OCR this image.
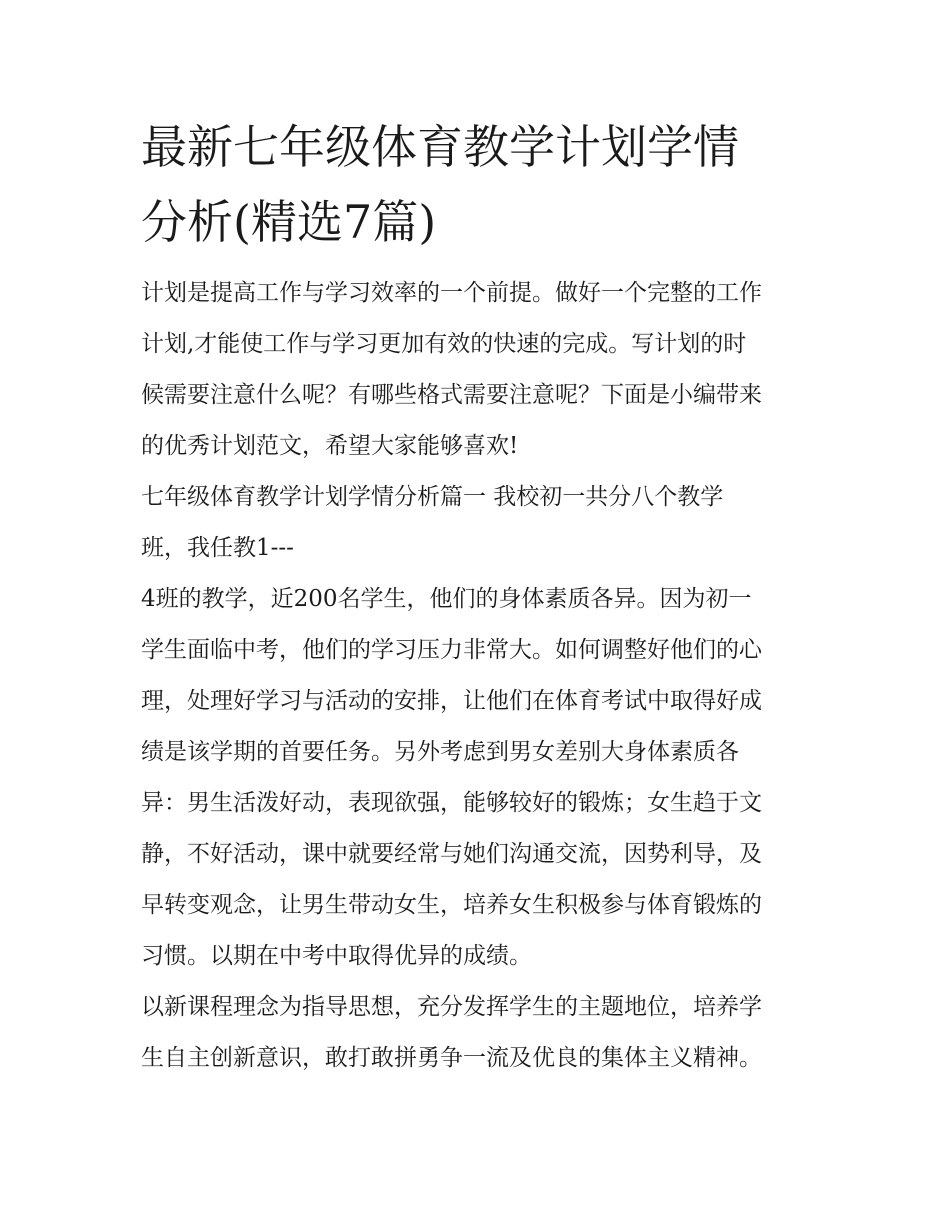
最新七年级体育教学计划学情
分析(精选7篇)
计划是提高工作与学习效率的一个前提。做好一个完整的工作
计划,才能使工作与学习更加有效的快速的完成。写计划的时
候需要注意什么呢？有哪些格式需要注意呢？下面是小编带来
的优秀计划范文，希望大家能够喜欢!
七年级体育教学计划学情分析篇一 我校初一共分八个教学
班，我任教1---
4班的教学，近200名学生，他们的身体素质各异。因为初一
学生面临中考，他们的学习压力非常大。如何调整好他们的心
理，处理好学习与活动的安排，让他们在体育考试中取得好成
绩是该学期的首要任务。另外考虑到男女差别大身体素质各
异：男生活泼好动，表现欲强，能够较好的锻炼；女生趋于文
静，不好活动，课中就要经常与她们沟通交流，因势利导，及
早转变观念，让男生带动女生，培养女生积极参与体育锻炼的
习惯。以期在中考中取得优异的成绩。
以新课程理念为指导思想，充分发挥学生的主题地位，培养学
生自主创新意识，敢打敢拼勇争一流及优良的集体主义精神。
